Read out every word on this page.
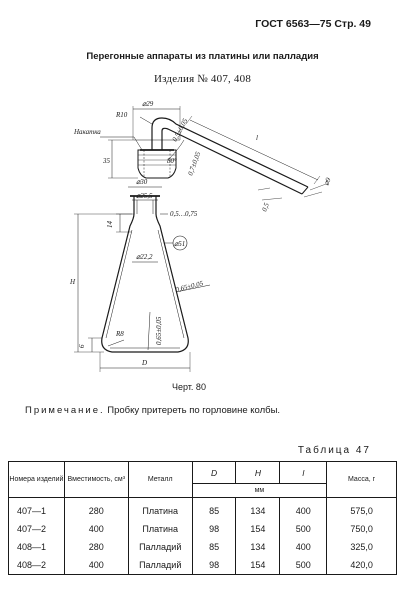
ГОСТ 6563—75 Стр. 49
Перегонные аппараты из платины или палладия
Изделия № 407, 408
⌀29
R10
Накатка
35	80°
0,5±0,05
0,7±0,05
l
⌀9
0,5
⌀30
⌀25,5
14
0,5…0,75
⌀51
⌀22,2
H	0,65±0,05
R8
6
0,65±0,05
D
Черт. 80
Примечание. Пробку притереть по горловине колбы.
Таблица 47
Номера изделий	Вместимость, см³	Металл	D	H	l	Масса, г
			мм			
407—1	280	Платина	85	134	400	575,0
407—2	400	Платина	98	154	500	750,0
408—1	280	Палладий	85	134	400	325,0
408—2	400	Палладий	98	154	500	420,0
